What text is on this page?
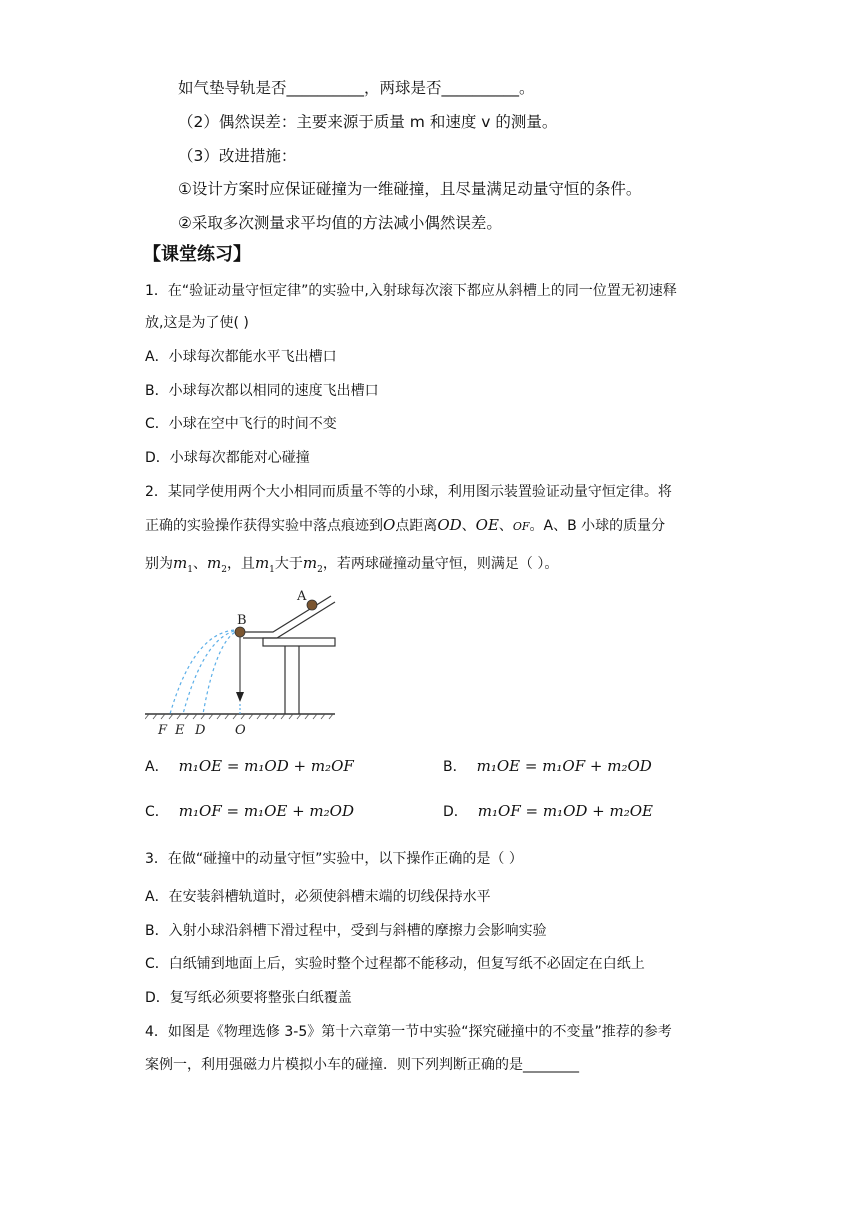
如气垫导轨是否__________，两球是否__________。
（2）偶然误差：主要来源于质量 m 和速度 v 的测量。
（3）改进措施：
①设计方案时应保证碰撞为一维碰撞，且尽量满足动量守恒的条件。
②采取多次测量求平均值的方法减小偶然误差。
【课堂练习】
1．在“验证动量守恒定律”的实验中,入射球每次滚下都应从斜槽上的同一位置无初速释
放,这是为了使( )
A．小球每次都能水平飞出槽口
B．小球每次都以相同的速度飞出槽口
C．小球在空中飞行的时间不变
D．小球每次都能对心碰撞
2．某同学使用两个大小相同而质量不等的小球，利用图示装置验证动量守恒定律。将
正确的实验操作获得实验中落点痕迹到O点距离OD、OE、OF。A、B 小球的质量分
别为$m_1$、$m_2$，且$m_1$大于$m_2$，若两球碰撞动量守恒，则满足（ ）。
B
A
F E D O
A． m₁OE = m₁OD + m₂OF	B． m₁OE = m₁OF + m₂OD
C． m₁OF = m₁OE + m₂OD	D． m₁OF = m₁OD + m₂OE
3．在做“碰撞中的动量守恒”实验中，以下操作正确的是（ ）
A．在安装斜槽轨道时，必须使斜槽末端的切线保持水平
B．入射小球沿斜槽下滑过程中，受到与斜槽的摩擦力会影响实验
C．白纸铺到地面上后，实验时整个过程都不能移动，但复写纸不必固定在白纸上
D．复写纸必须要将整张白纸覆盖
4．如图是《物理选修 3-5》第十六章第一节中实验“探究碰撞中的不变量”推荐的参考
案例一，利用强磁力片模拟小车的碰撞．则下列判断正确的是________
